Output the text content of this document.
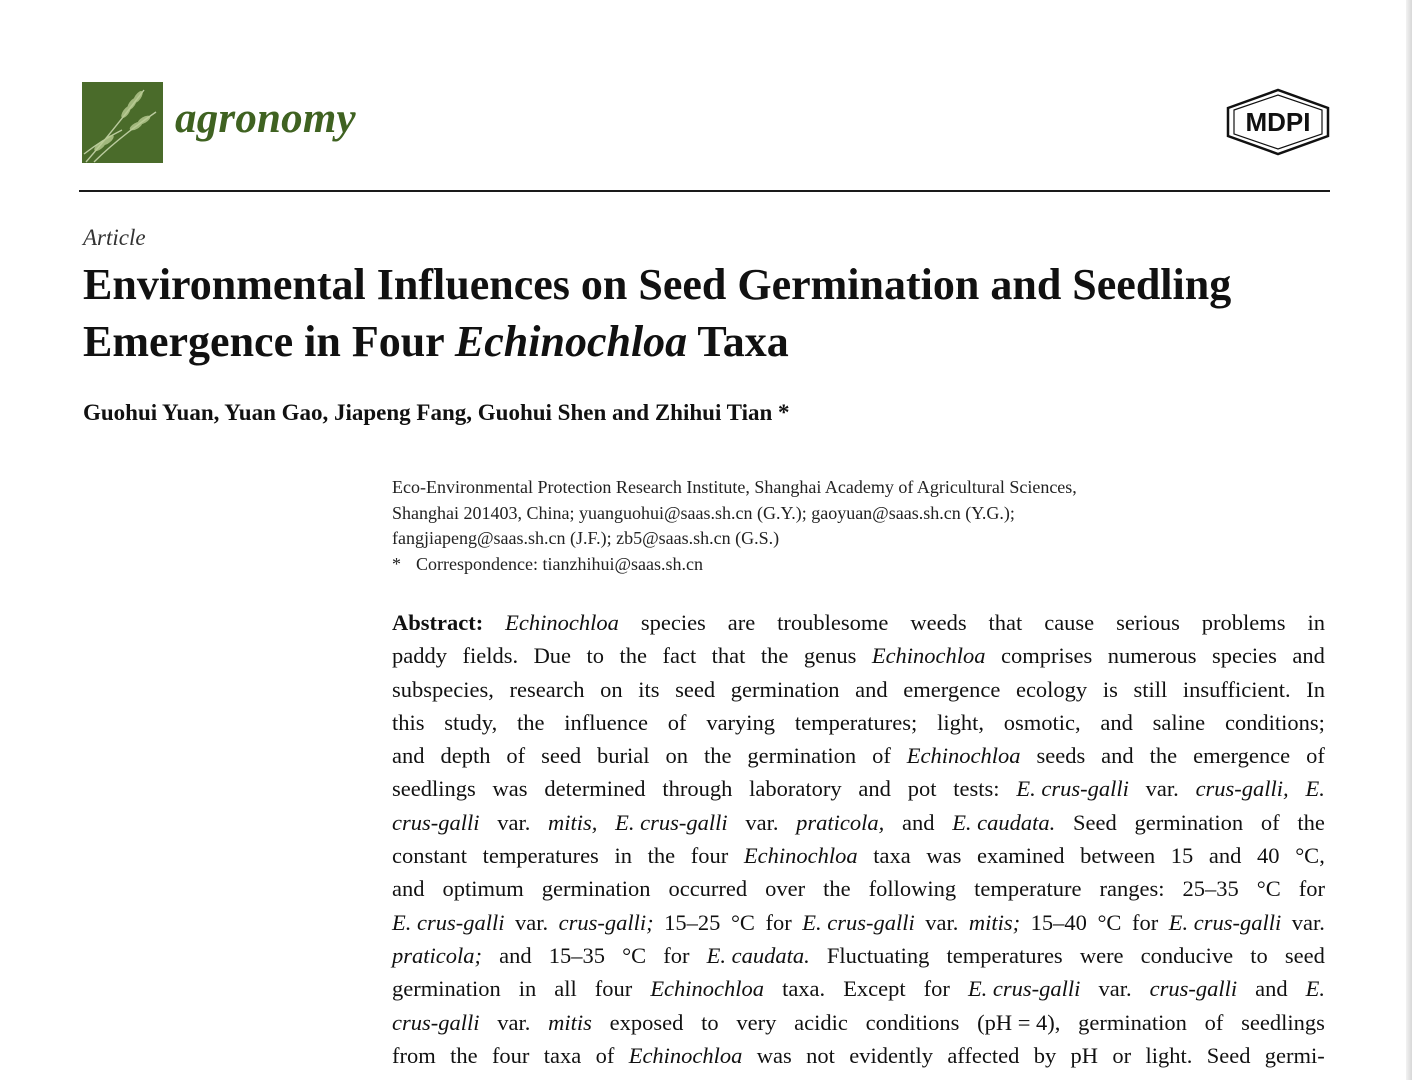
agronomy	MDPI
Article
Environmental Influences on Seed Germination and Seedling
Emergence in Four Echinochloa Taxa
Guohui Yuan, Yuan Gao, Jiapeng Fang, Guohui Shen and Zhihui Tian *
Eco-Environmental Protection Research Institute, Shanghai Academy of Agricultural Sciences,
Shanghai 201403, China; yuanguohui@saas.sh.cn (G.Y.); gaoyuan@saas.sh.cn (Y.G.);
fangjiapeng@saas.sh.cn (J.F.); zb5@saas.sh.cn (G.S.)
* Correspondence: tianzhihui@saas.sh.cn
Abstract: Echinochloa species are troublesome weeds that cause serious problems in
paddy fields. Due to the fact that the genus Echinochloa comprises numerous species and
subspecies, research on its seed germination and emergence ecology is still insufficient. In
this study, the influence of varying temperatures; light, osmotic, and saline conditions;
and depth of seed burial on the germination of Echinochloa seeds and the emergence of
seedlings was determined through laboratory and pot tests: E. crus-galli var. crus-galli, E.
crus-galli var. mitis, E. crus-galli var. praticola, and E. caudata. Seed germination of the
constant temperatures in the four Echinochloa taxa was examined between 15 and 40 °C,
and optimum germination occurred over the following temperature ranges: 25–35 °C for
E. crus-galli var. crus-galli; 15–25 °C for E. crus-galli var. mitis; 15–40 °C for E. crus-galli var.
praticola; and 15–35 °C for E. caudata. Fluctuating temperatures were conducive to seed
germination in all four Echinochloa taxa. Except for E. crus-galli var. crus-galli and E.
crus-galli var. mitis exposed to very acidic conditions (pH = 4), germination of seedlings
from the four taxa of Echinochloa was not evidently affected by pH or light. Seed germi-
